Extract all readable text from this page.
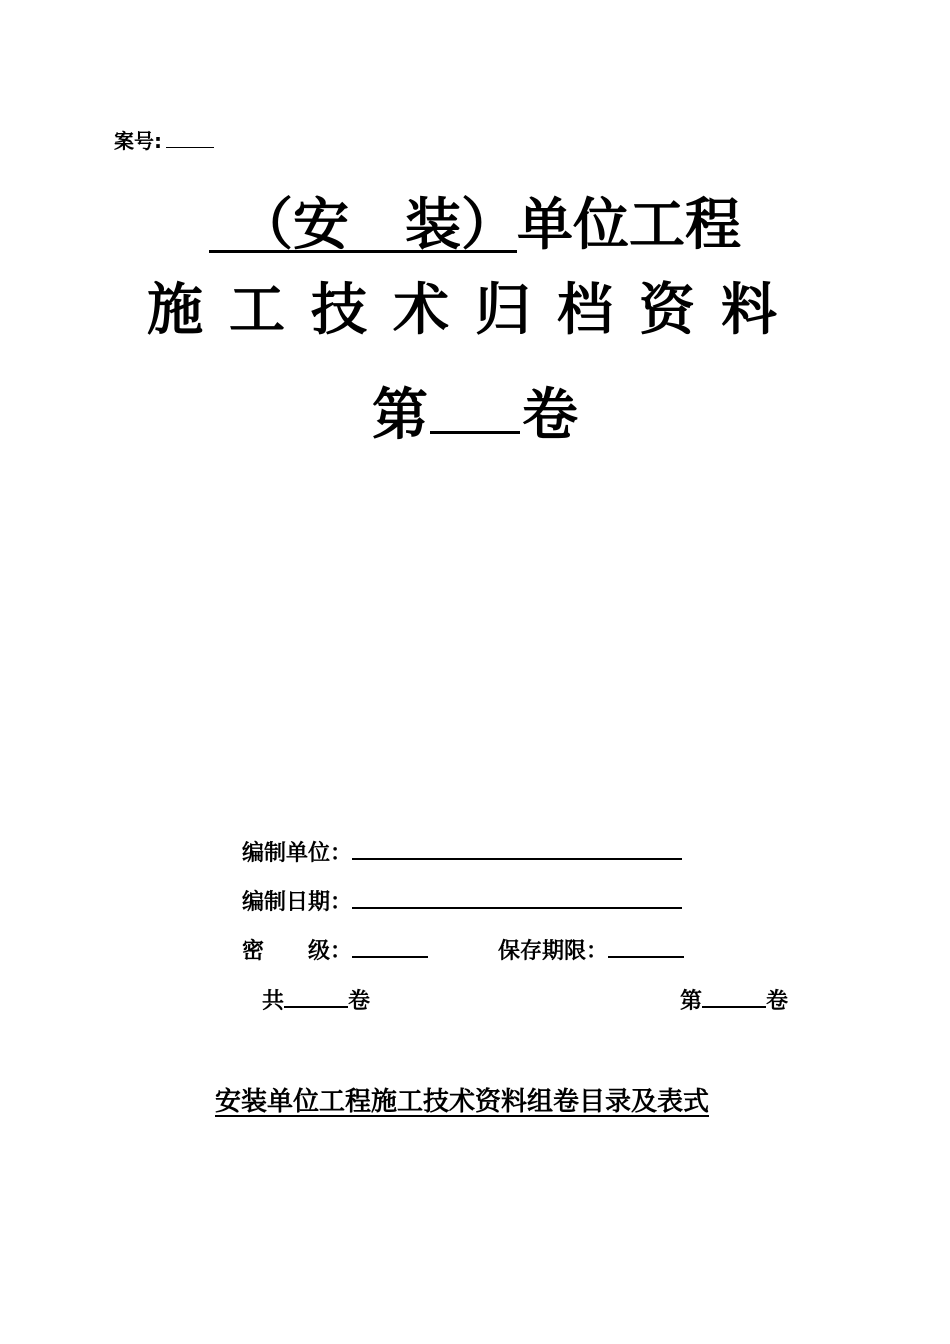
案号:
　（安　装）单位工程
施工技术归档资料
第 卷
编制单位：
编制日期：
密　　级：	保存期限：
共	卷	第	卷
安装单位工程施工技术资料组卷目录及表式
